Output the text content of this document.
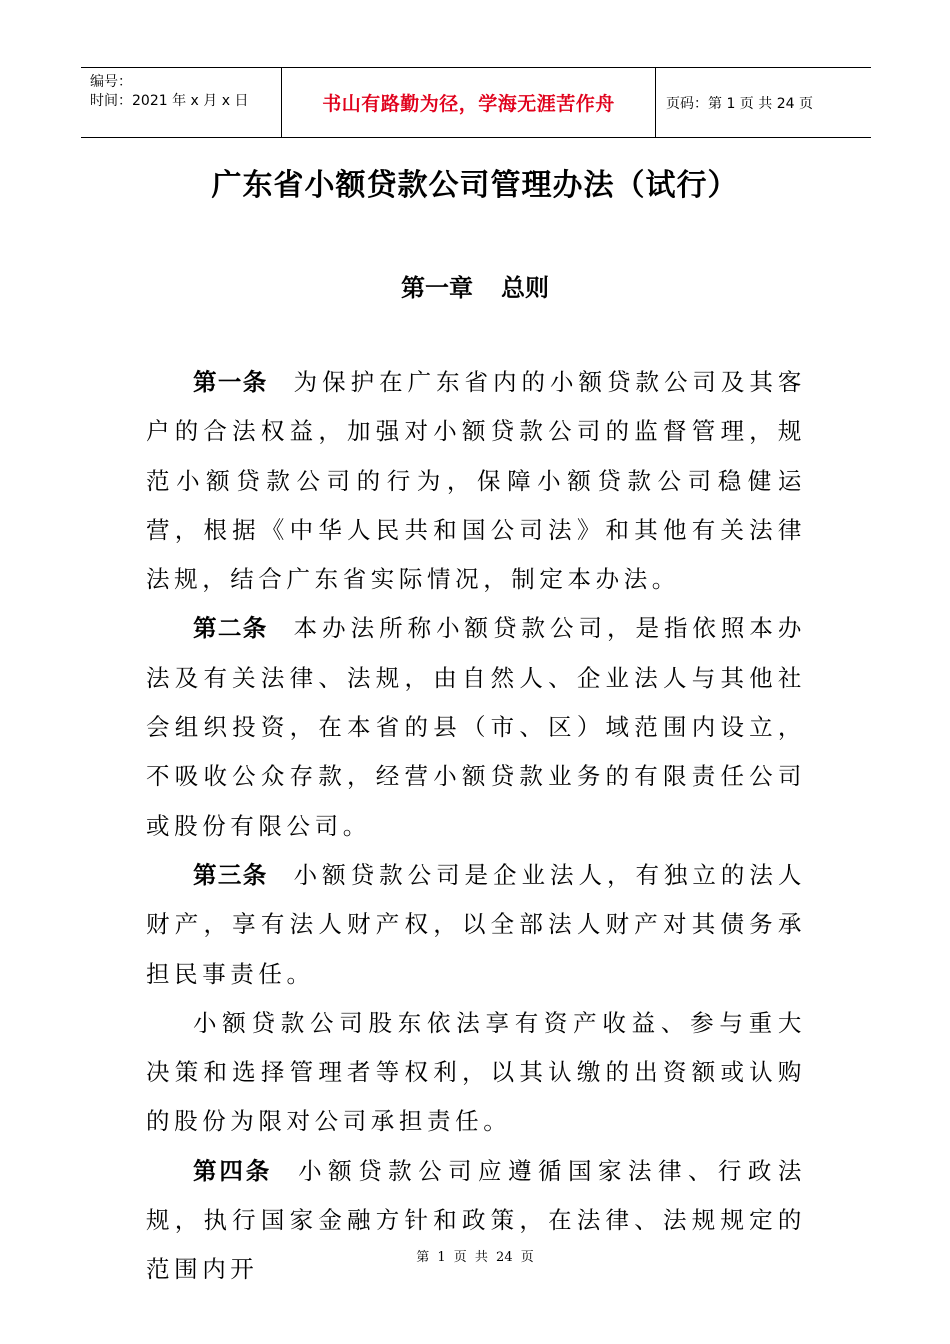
编号：
时间：2021 年 x 月 x 日	书山有路勤为径，学海无涯苦作舟	页码：第 1 页 共 24 页
广东省小额贷款公司管理办法（试行）
第一章 总则

第一条 为保护在广东省内的小额贷款公司及其客户的合法权益，加强对小额贷款公司的监督管理，规范小额贷款公司的行为，保障小额贷款公司稳健运营，根据《中华人民共和国公司法》和其他有关法律法规，结合广东省实际情况，制定本办法。

第二条 本办法所称小额贷款公司，是指依照本办法及有关法律、法规，由自然人、企业法人与其他社会组织投资，在本省的县（市、区）域范围内设立，不吸收公众存款，经营小额贷款业务的有限责任公司或股份有限公司。

第三条 小额贷款公司是企业法人，有独立的法人财产，享有法人财产权，以全部法人财产对其债务承担民事责任。

小额贷款公司股东依法享有资产收益、参与重大决策和选择管理者等权利，以其认缴的出资额或认购的股份为限对公司承担责任。

第四条 小额贷款公司应遵循国家法律、行政法规，执行国家金融方针和政策，在法律、法规规定的范围内开	第 1 页 共 24 页
